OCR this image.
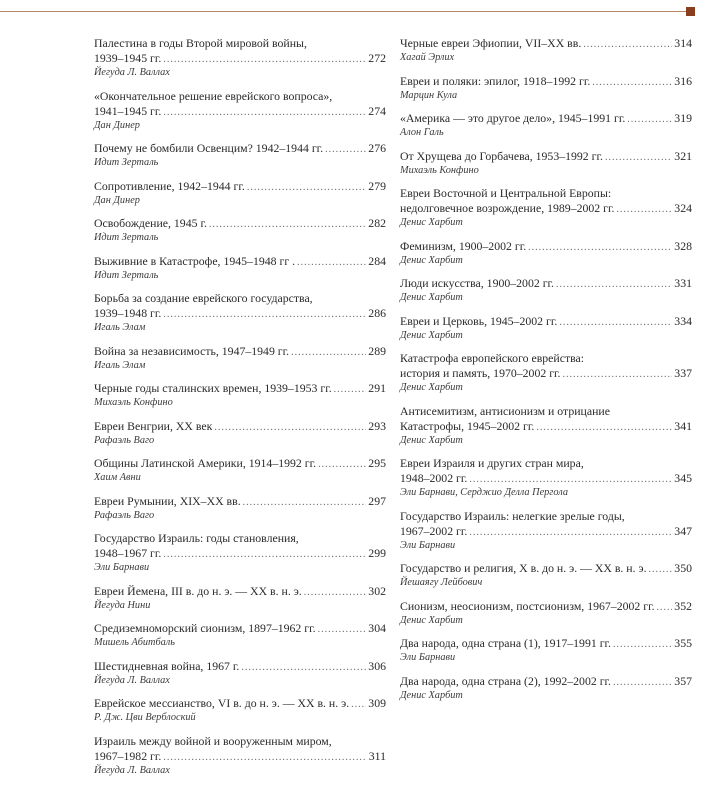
Палестина в годы Второй мировой войны,
1939–1945 гг. .....	272
Йегуда Л. Валлах
«Окончательное решение еврейского вопроса»,
1941–1945 гг. .....	274
Дан Динер
Почему не бомбили Освенцим? 1942–1944 гг. .....	276
Идит Зерталь
Сопротивление, 1942–1944 гг. .....	279
Дан Динер
Освобождение, 1945 г. .....	282
Идит Зерталь
Выживние в Катастрофе, 1945–1948 гг . .....	284
Идит Зерталь
Борьба за создание еврейского государства,
1939–1948 гг. .....	286
Игаль Элам
Война за независимость, 1947–1949 гг. .....	289
Игаль Элам
Черные годы сталинских времен, 1939–1953 гг. .....	291
Михаэль Конфино
Евреи Венгрии, XX век .....	293
Рафаэль Ваго
Общины Латинской Америки, 1914–1992 гг. .....	295
Хаим Авни
Евреи Румынии, XIX–XX вв. .....	297
Рафаэль Ваго
Государство Израиль: годы становления,
1948–1967 гг. .....	299
Эли Барнави
Евреи Йемена, III в. до н. э. — XX в. н. э. .....	302
Йегуда Нини
Средиземноморский сионизм, 1897–1962 гг. .....	304
Мишель Абитбаль
Шестидневная война, 1967 г. .....	306
Йегуда Л. Валлах
Еврейское мессианство, VI в. до н. э. — XX в. н. э. ..... 309
Р. Дж. Цви Верблоский
Израиль между войной и вооруженным миром,
1967–1982 гг. .....	311
Йегуда Л. Валлах
Черные евреи Эфиопии, VII–XX вв. .....	314
Хагай Эрлих
Евреи и поляки: эпилог, 1918–1992 гг. .....	316
Марцин Кула
«Америка — это другое дело», 1945–1991 гг. .....	319
Алон Галь
От Хрущева до Горбачева, 1953–1992 гг. .....	321
Михаэль Конфино
Евреи Восточной и Центральной Европы:
недолговечное возрождение, 1989–2002 гг. .....	324
Денис Харбит
Феминизм, 1900–2002 гг. .....	328
Денис Харбит
Люди искусства, 1900–2002 гг. .....	331
Денис Харбит
Евреи и Церковь, 1945–2002 гг. .....	334
Денис Харбит
Катастрофа европейского еврейства:
история и память, 1970–2002 гг. .....	337
Денис Харбит
Антисемитизм, антисионизм и отрицание
Катастрофы, 1945–2002 гг. .....	341
Денис Харбит
Евреи Израиля и других стран мира,
1948–2002 гг. .....	345
Эли Барнави, Серджио Делла Пергола
Государство Израиль: нелегкие зрелые годы,
1967–2002 гг. .....	347
Эли Барнави
Государство и религия, X в. до н. э. — XX в. н. э. ..... 350
Йешаягу Лейбович
Сионизм, неосионизм, постсионизм, 1967–2002 гг. ..... 352
Денис Харбит
Два народа, одна страна (1), 1917–1991 гг. .....	355
Эли Барнави
Два народа, одна страна (2), 1992–2002 гг. .....	357
Денис Харбит
